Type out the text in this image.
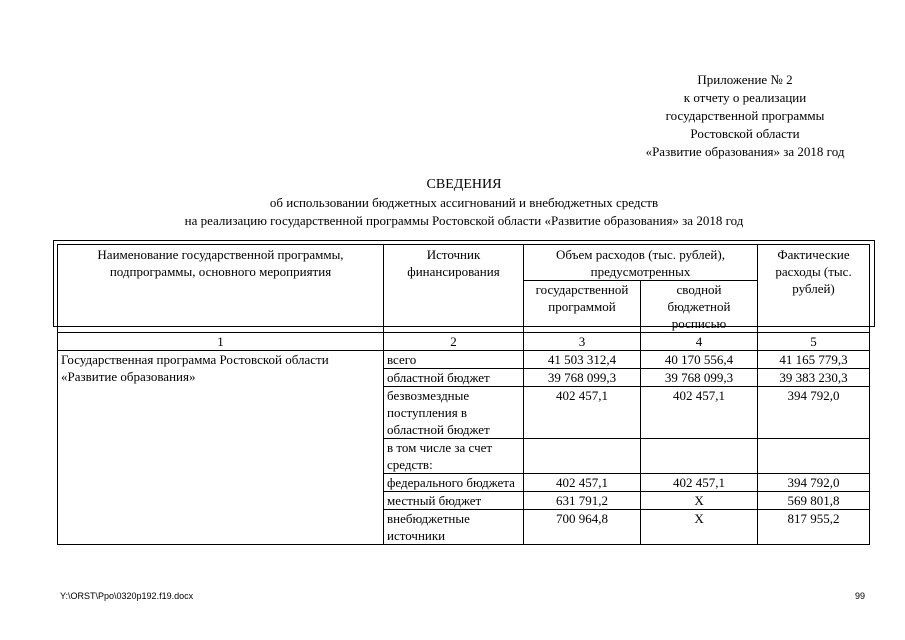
Приложение № 2
к отчету о реализации
государственной программы
Ростовской области
«Развитие образования» за 2018 год
СВЕДЕНИЯ
об использовании бюджетных ассигнований и внебюджетных средств
на реализацию государственной программы Ростовской области «Развитие образования» за 2018 год
Наименование государственной программы, подпрограммы, основного мероприятия	Источник финансирования	Объем расходов (тыс. рублей), предусмотренных		Фактические расходы (тыс. рублей)
		государственной программой	сводной бюджетной росписью	
1	2	3	4	5
Государственная программа Ростовской области «Развитие образования»	всего	41 503 312,4	40 170 556,4	41 165 779,3
	областной бюджет	39 768 099,3	39 768 099,3	39 383 230,3
	безвозмездные поступления в областной бюджет	402 457,1	402 457,1	394 792,0
	в том числе за счет средств:			
	федерального бюджета	402 457,1	402 457,1	394 792,0
	местный бюджет	631 791,2	Х	569 801,8
	внебюджетные источники	700 964,8	Х	817 955,2
Y:\ORST\Ppo\0320p192.f19.docx	99
